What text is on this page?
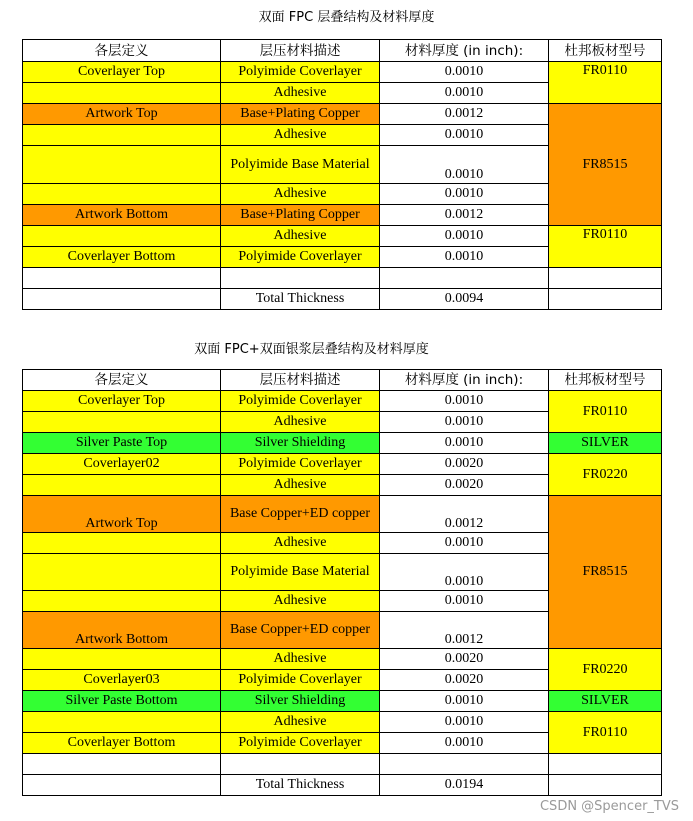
双面 FPC 层叠结构及材料厚度
各层定义	层压材料描述	材料厚度 (in inch):	杜邦板材型号
Coverlayer Top	Polyimide Coverlayer	0.0010	FR0110
	Adhesive	0.0010	
Artwork Top	Base+Plating Copper	0.0012	FR8515
	Adhesive	0.0010	
	Polyimide Base Material	0.0010	
	Adhesive	0.0010	
Artwork Bottom	Base+Plating Copper	0.0012	
	Adhesive	0.0010	FR0110
Coverlayer Bottom	Polyimide Coverlayer	0.0010	

	Total Thickness	0.0094	
双面 FPC+双面银浆层叠结构及材料厚度
各层定义	层压材料描述	材料厚度 (in inch):	杜邦板材型号
Coverlayer Top	Polyimide Coverlayer	0.0010	FR0110
	Adhesive	0.0010	
Silver Paste Top	Silver Shielding	0.0010	SILVER
Coverlayer02	Polyimide Coverlayer	0.0020	FR0220
	Adhesive	0.0020	
Artwork Top	Base Copper+ED copper	0.0012	FR8515
	Adhesive	0.0010	
	Polyimide Base Material	0.0010	
	Adhesive	0.0010	
Artwork Bottom	Base Copper+ED copper	0.0012	
	Adhesive	0.0020	FR0220
Coverlayer03	Polyimide Coverlayer	0.0020	
Silver Paste Bottom	Silver Shielding	0.0010	SILVER
	Adhesive	0.0010	FR0110
Coverlayer Bottom	Polyimide Coverlayer	0.0010	

	Total Thickness	0.0194	
CSDN @Spencer_TVS
